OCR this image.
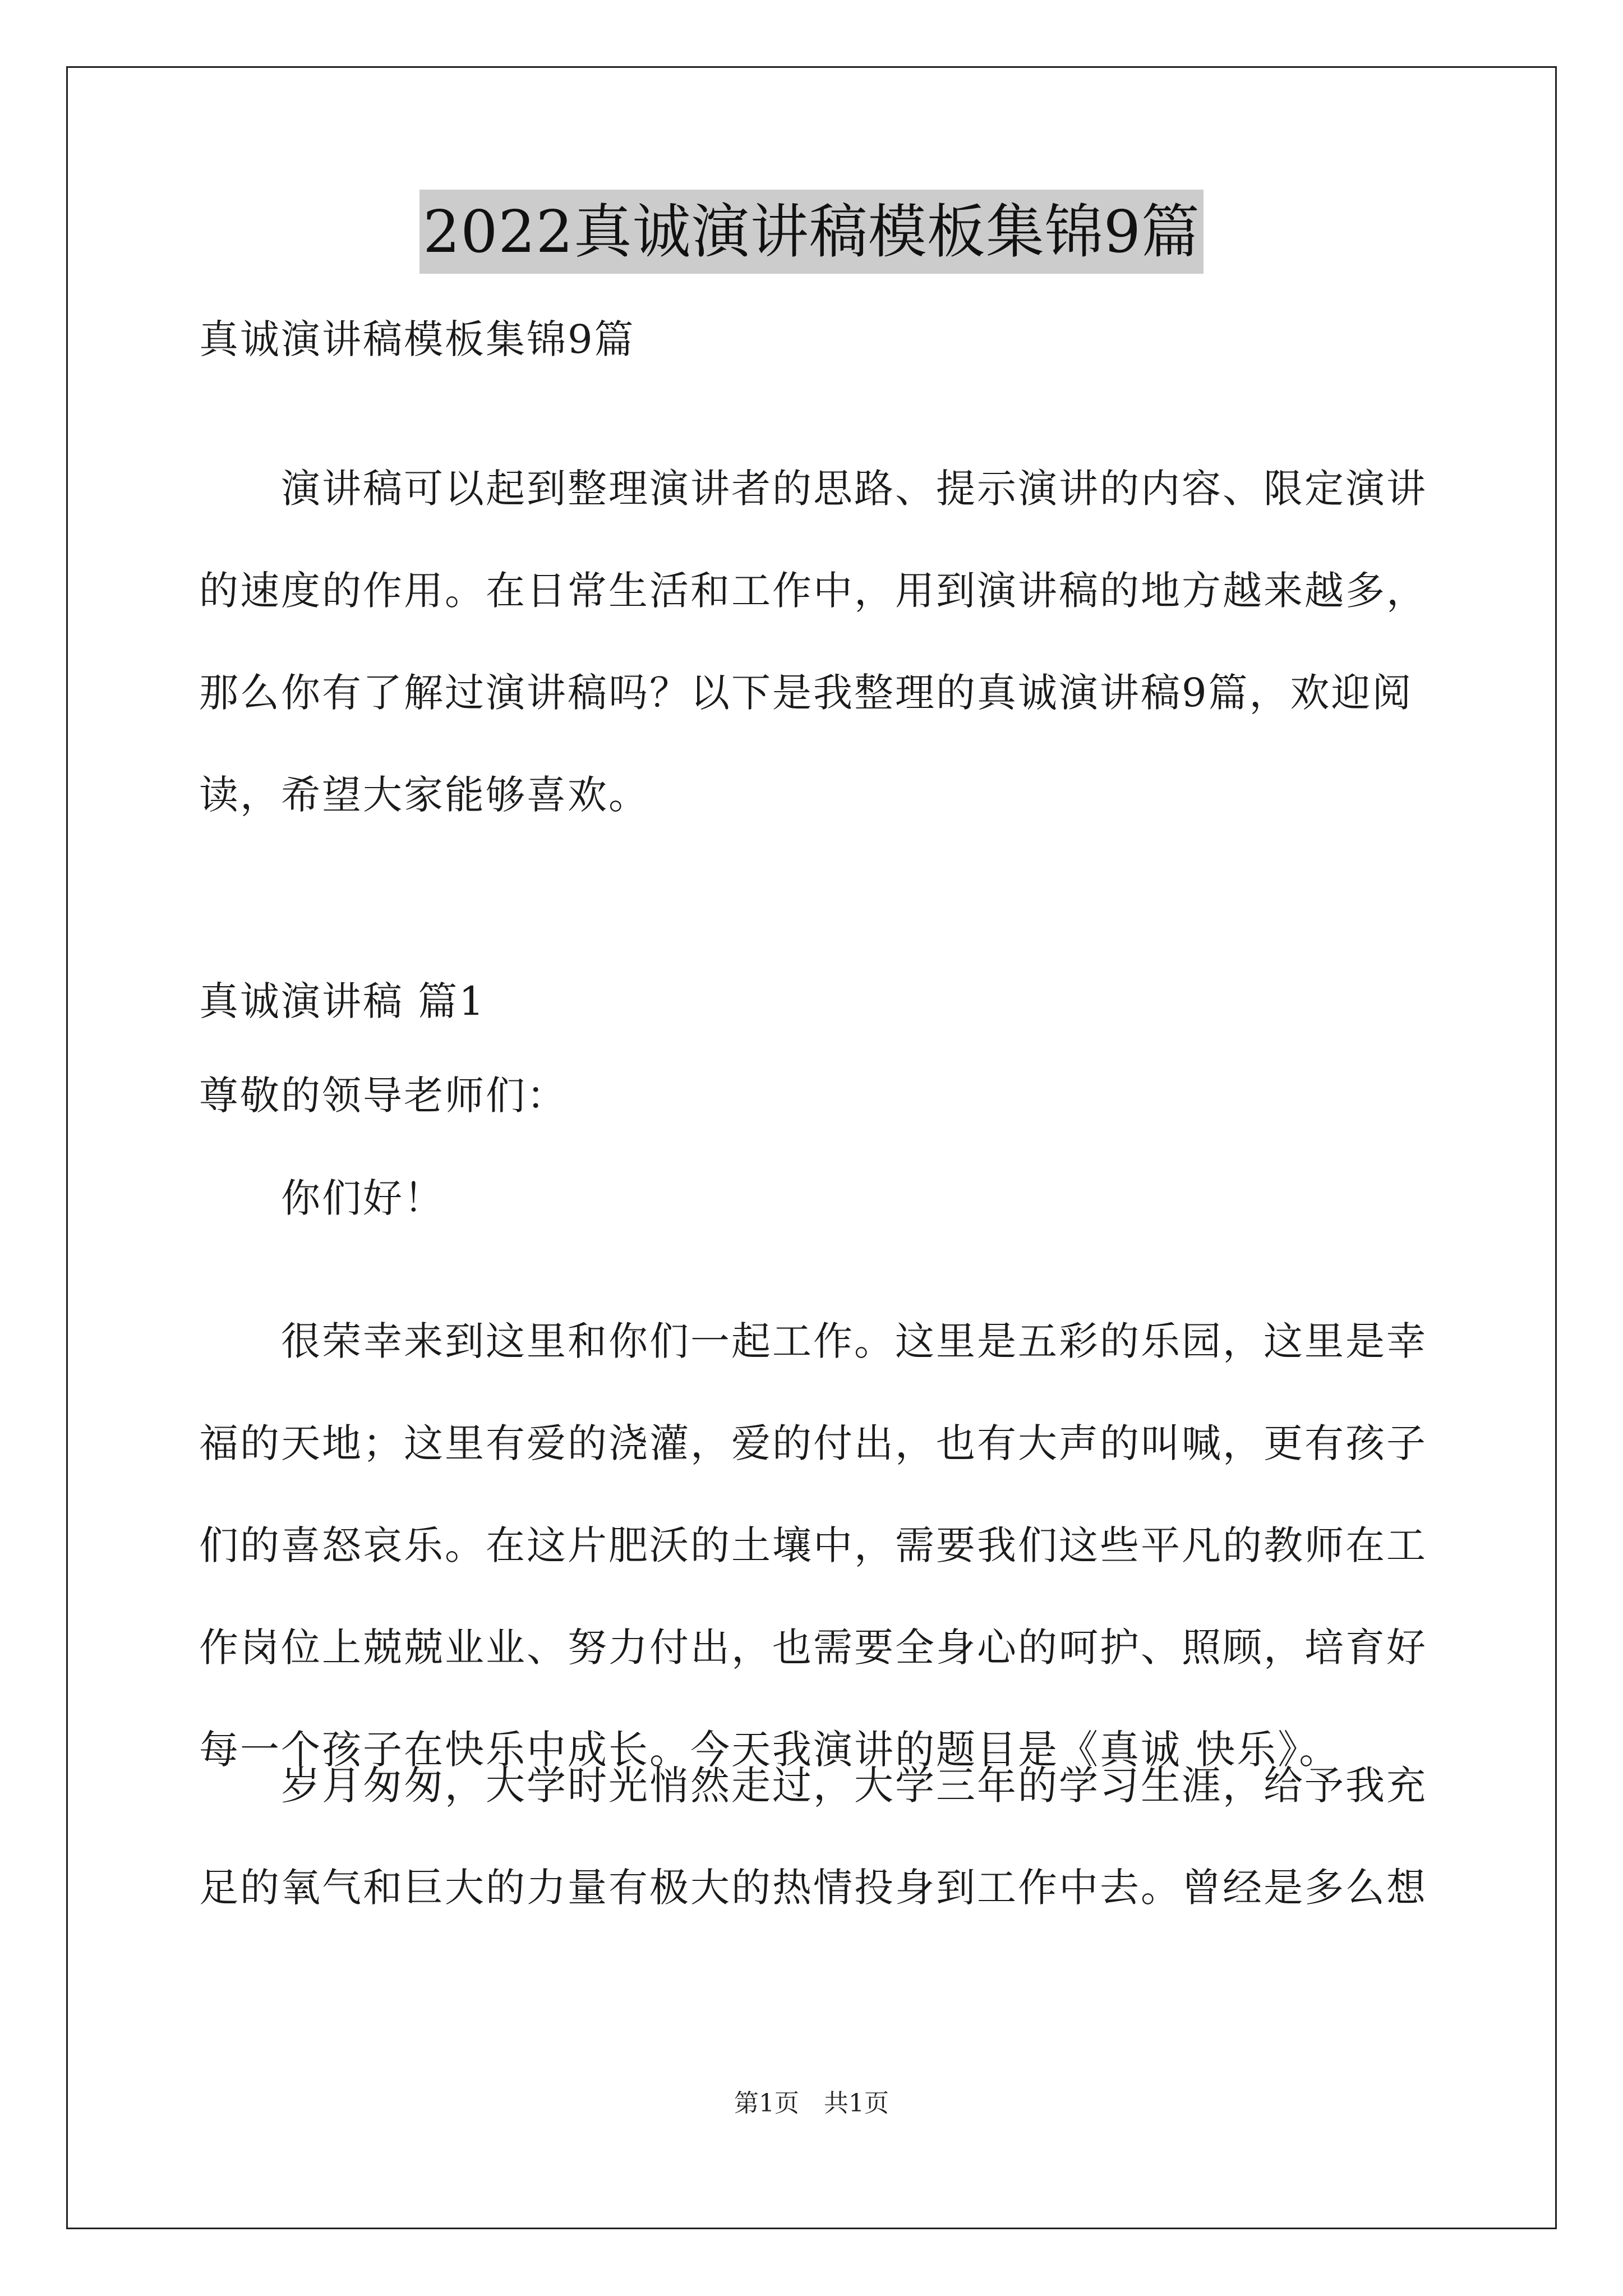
2022真诚演讲稿模板集锦9篇
真诚演讲稿模板集锦9篇
演讲稿可以起到整理演讲者的思路、提示演讲的内容、限定演讲的速度的作用。在日常生活和工作中，用到演讲稿的地方越来越多，那么你有了解过演讲稿吗？以下是我整理的真诚演讲稿9篇，欢迎阅读，希望大家能够喜欢。
真诚演讲稿 篇1
尊敬的领导老师们：
你们好！
很荣幸来到这里和你们一起工作。这里是五彩的乐园，这里是幸福的天地；这里有爱的浇灌，爱的付出，也有大声的叫喊，更有孩子们的喜怒哀乐。在这片肥沃的土壤中，需要我们这些平凡的教师在工作岗位上兢兢业业、努力付出，也需要全身心的呵护、照顾，培育好每一个孩子在快乐中成长。今天我演讲的题目是《真诚 快乐》。
岁月匆匆，大学时光悄然走过，大学三年的学习生涯，给予我充足的氧气和巨大的力量有极大的热情投身到工作中去。曾经是多么想
第1页　共1页
